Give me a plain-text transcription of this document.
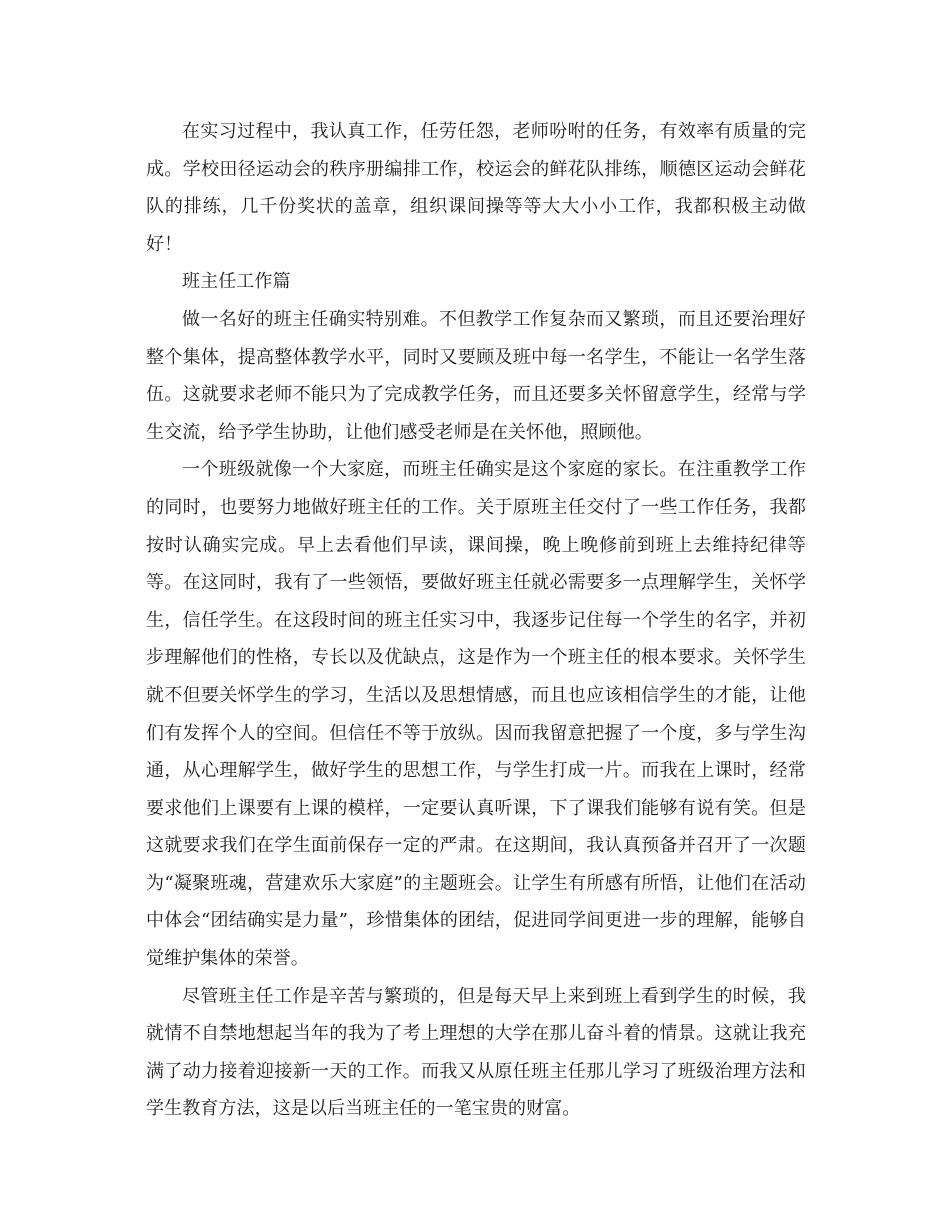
在实习过程中，我认真工作，任劳任怨，老师吩咐的任务，有效率有质量的完成。学校田径运动会的秩序册编排工作，校运会的鲜花队排练，顺德区运动会鲜花队的排练，几千份奖状的盖章，组织课间操等等大大小小工作，我都积极主动做好！

班主任工作篇

做一名好的班主任确实特别难。不但教学工作复杂而又繁琐，而且还要治理好整个集体，提高整体教学水平，同时又要顾及班中每一名学生，不能让一名学生落伍。这就要求老师不能只为了完成教学任务，而且还要多关怀留意学生，经常与学生交流，给予学生协助，让他们感受老师是在关怀他，照顾他。

一个班级就像一个大家庭，而班主任确实是这个家庭的家长。在注重教学工作的同时，也要努力地做好班主任的工作。关于原班主任交付了一些工作任务，我都按时认确实完成。早上去看他们早读，课间操，晚上晚修前到班上去维持纪律等等。在这同时，我有了一些领悟，要做好班主任就必需要多一点理解学生，关怀学生，信任学生。在这段时间的班主任实习中，我逐步记住每一个学生的名字，并初步理解他们的性格，专长以及优缺点，这是作为一个班主任的根本要求。关怀学生就不但要关怀学生的学习，生活以及思想情感，而且也应该相信学生的才能，让他们有发挥个人的空间。但信任不等于放纵。因而我留意把握了一个度，多与学生沟通，从心理解学生，做好学生的思想工作，与学生打成一片。而我在上课时，经常要求他们上课要有上课的模样，一定要认真听课，下了课我们能够有说有笑。但是这就要求我们在学生面前保存一定的严肃。在这期间，我认真预备并召开了一次题为“凝聚班魂，营建欢乐大家庭”的主题班会。让学生有所感有所悟，让他们在活动中体会“团结确实是力量”，珍惜集体的团结，促进同学间更进一步的理解，能够自觉维护集体的荣誉。

尽管班主任工作是辛苦与繁琐的，但是每天早上来到班上看到学生的时候，我就情不自禁地想起当年的我为了考上理想的大学在那儿奋斗着的情景。这就让我充满了动力接着迎接新一天的工作。而我又从原任班主任那儿学习了班级治理方法和学生教育方法，这是以后当班主任的一笔宝贵的财富。
